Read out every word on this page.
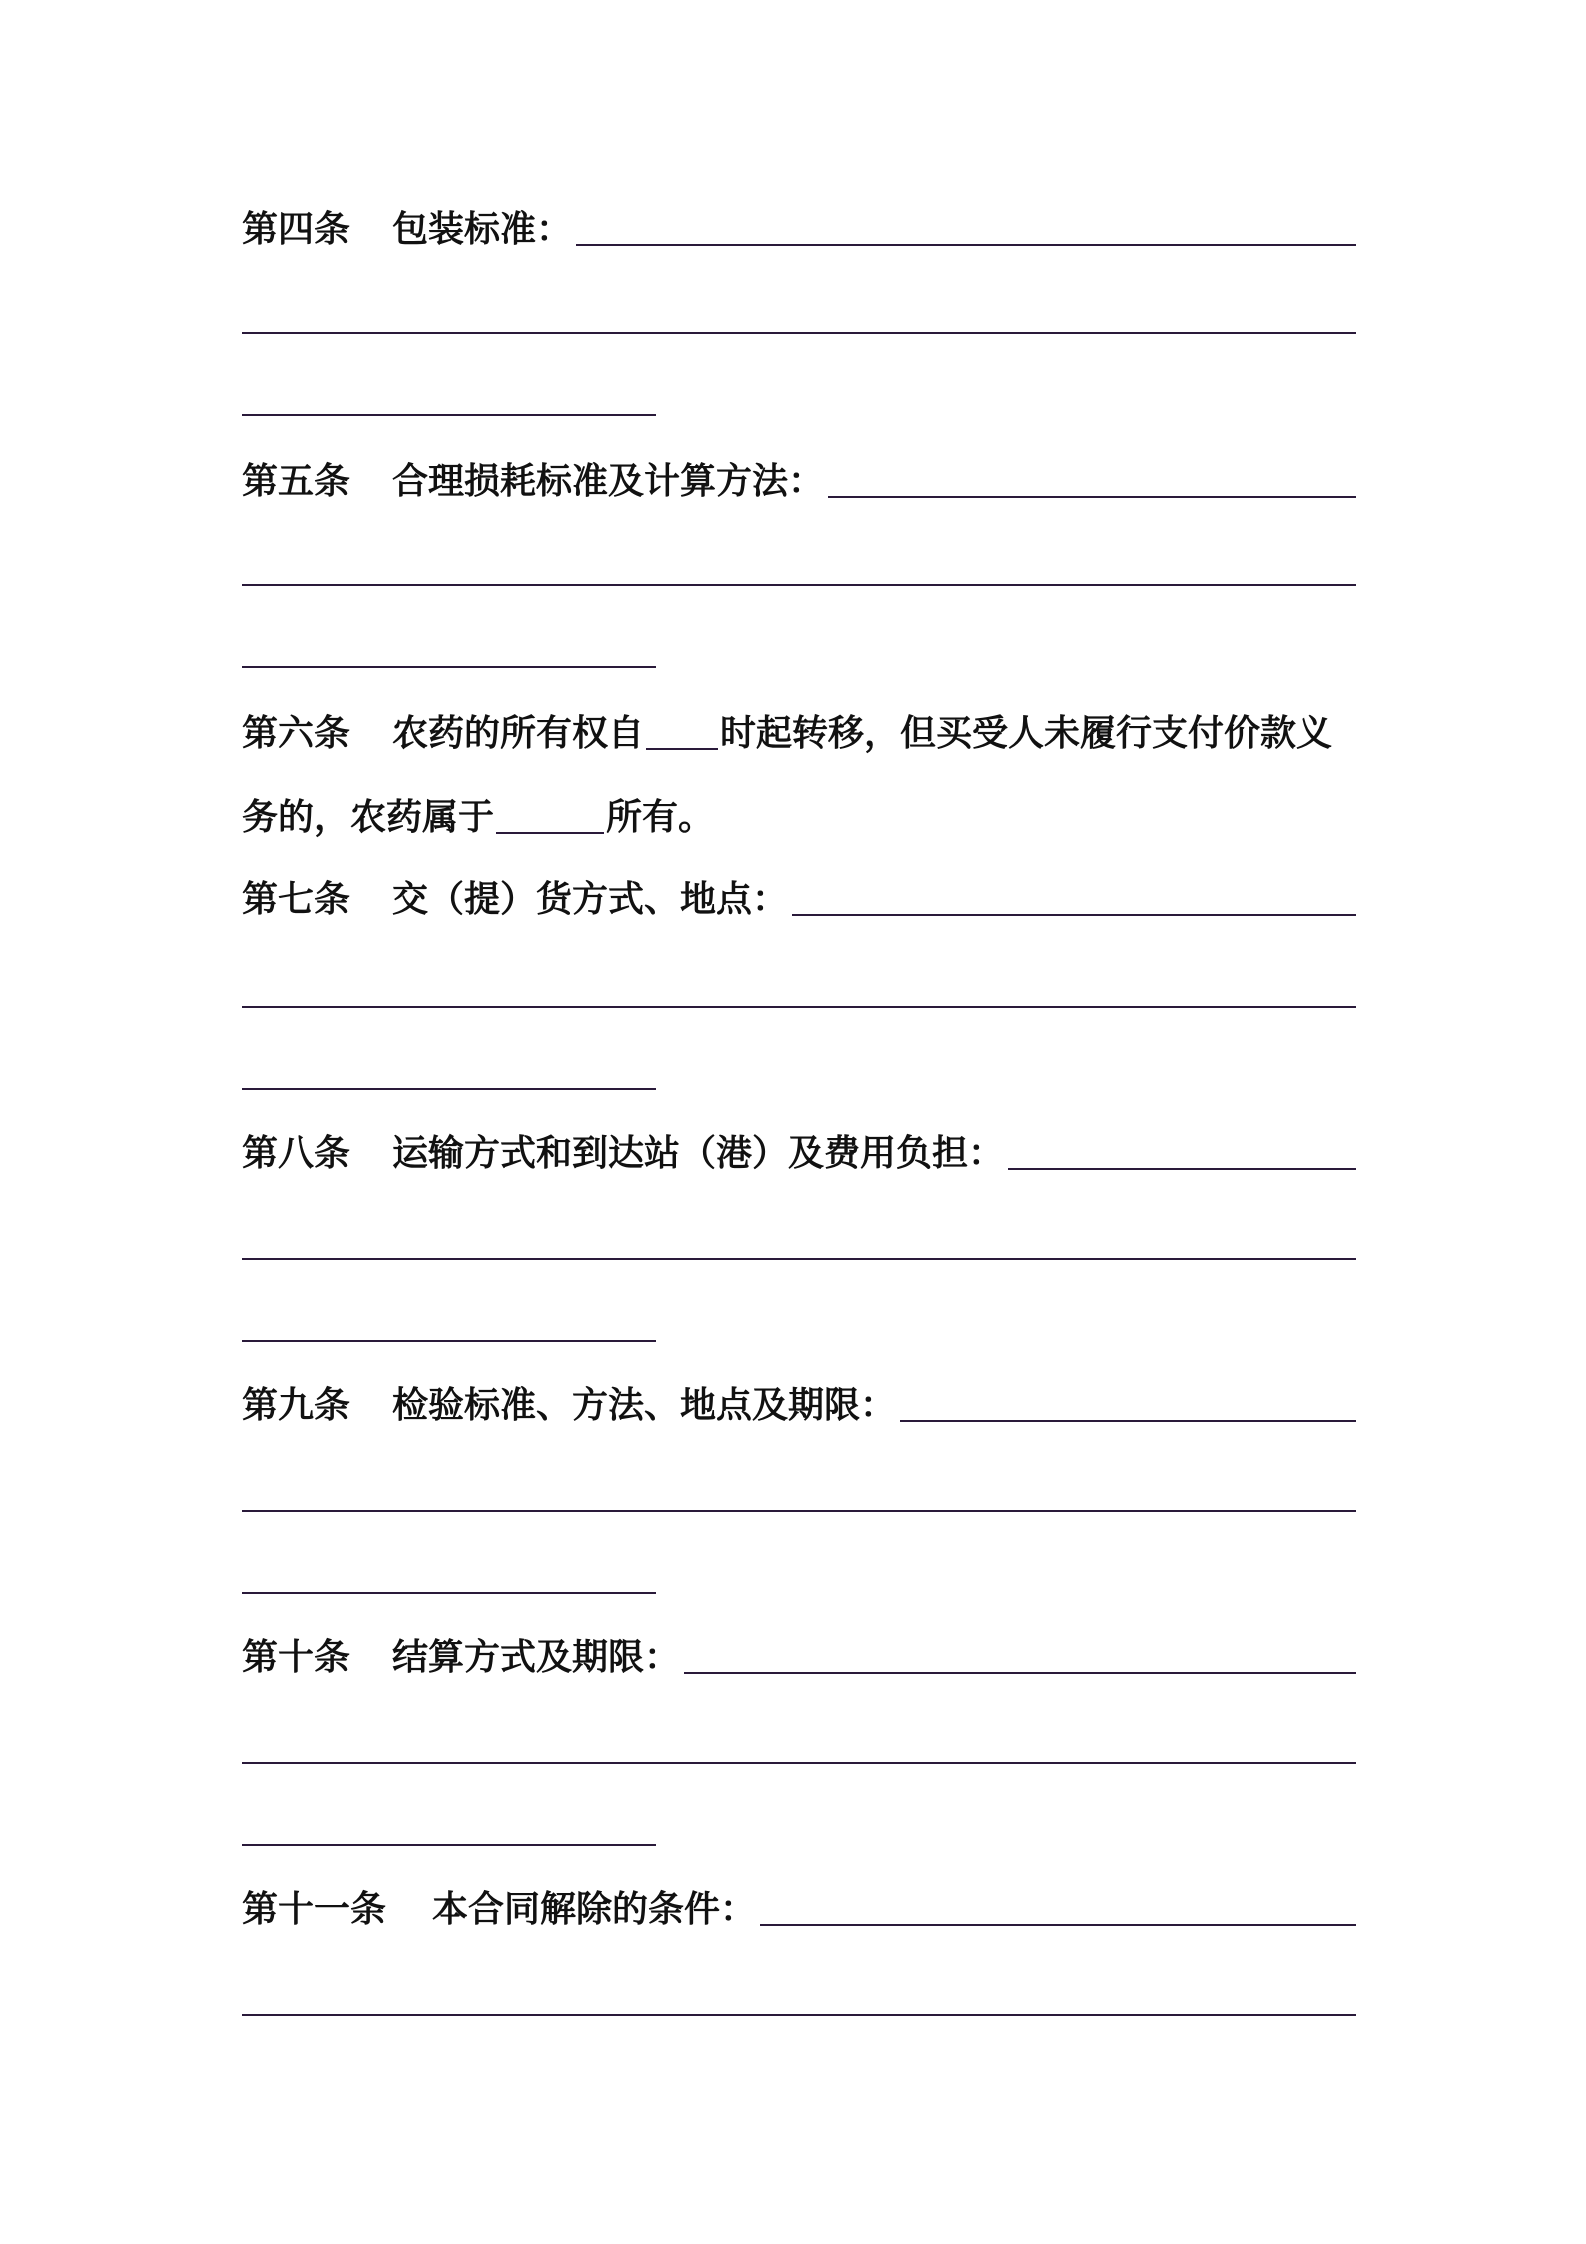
第四条	包装标准：
第五条	合理损耗标准及计算方法：
第六条	农药的所有权自 时起转移，但买受人未履行支付价款义
务的，农药属于	所有。
第七条	交（提）货方式、地点：
第八条	运输方式和到达站（港）及费用负担：
第九条	检验标准、方法、地点及期限：
第十条	结算方式及期限：
第十一条	本合同解除的条件：
